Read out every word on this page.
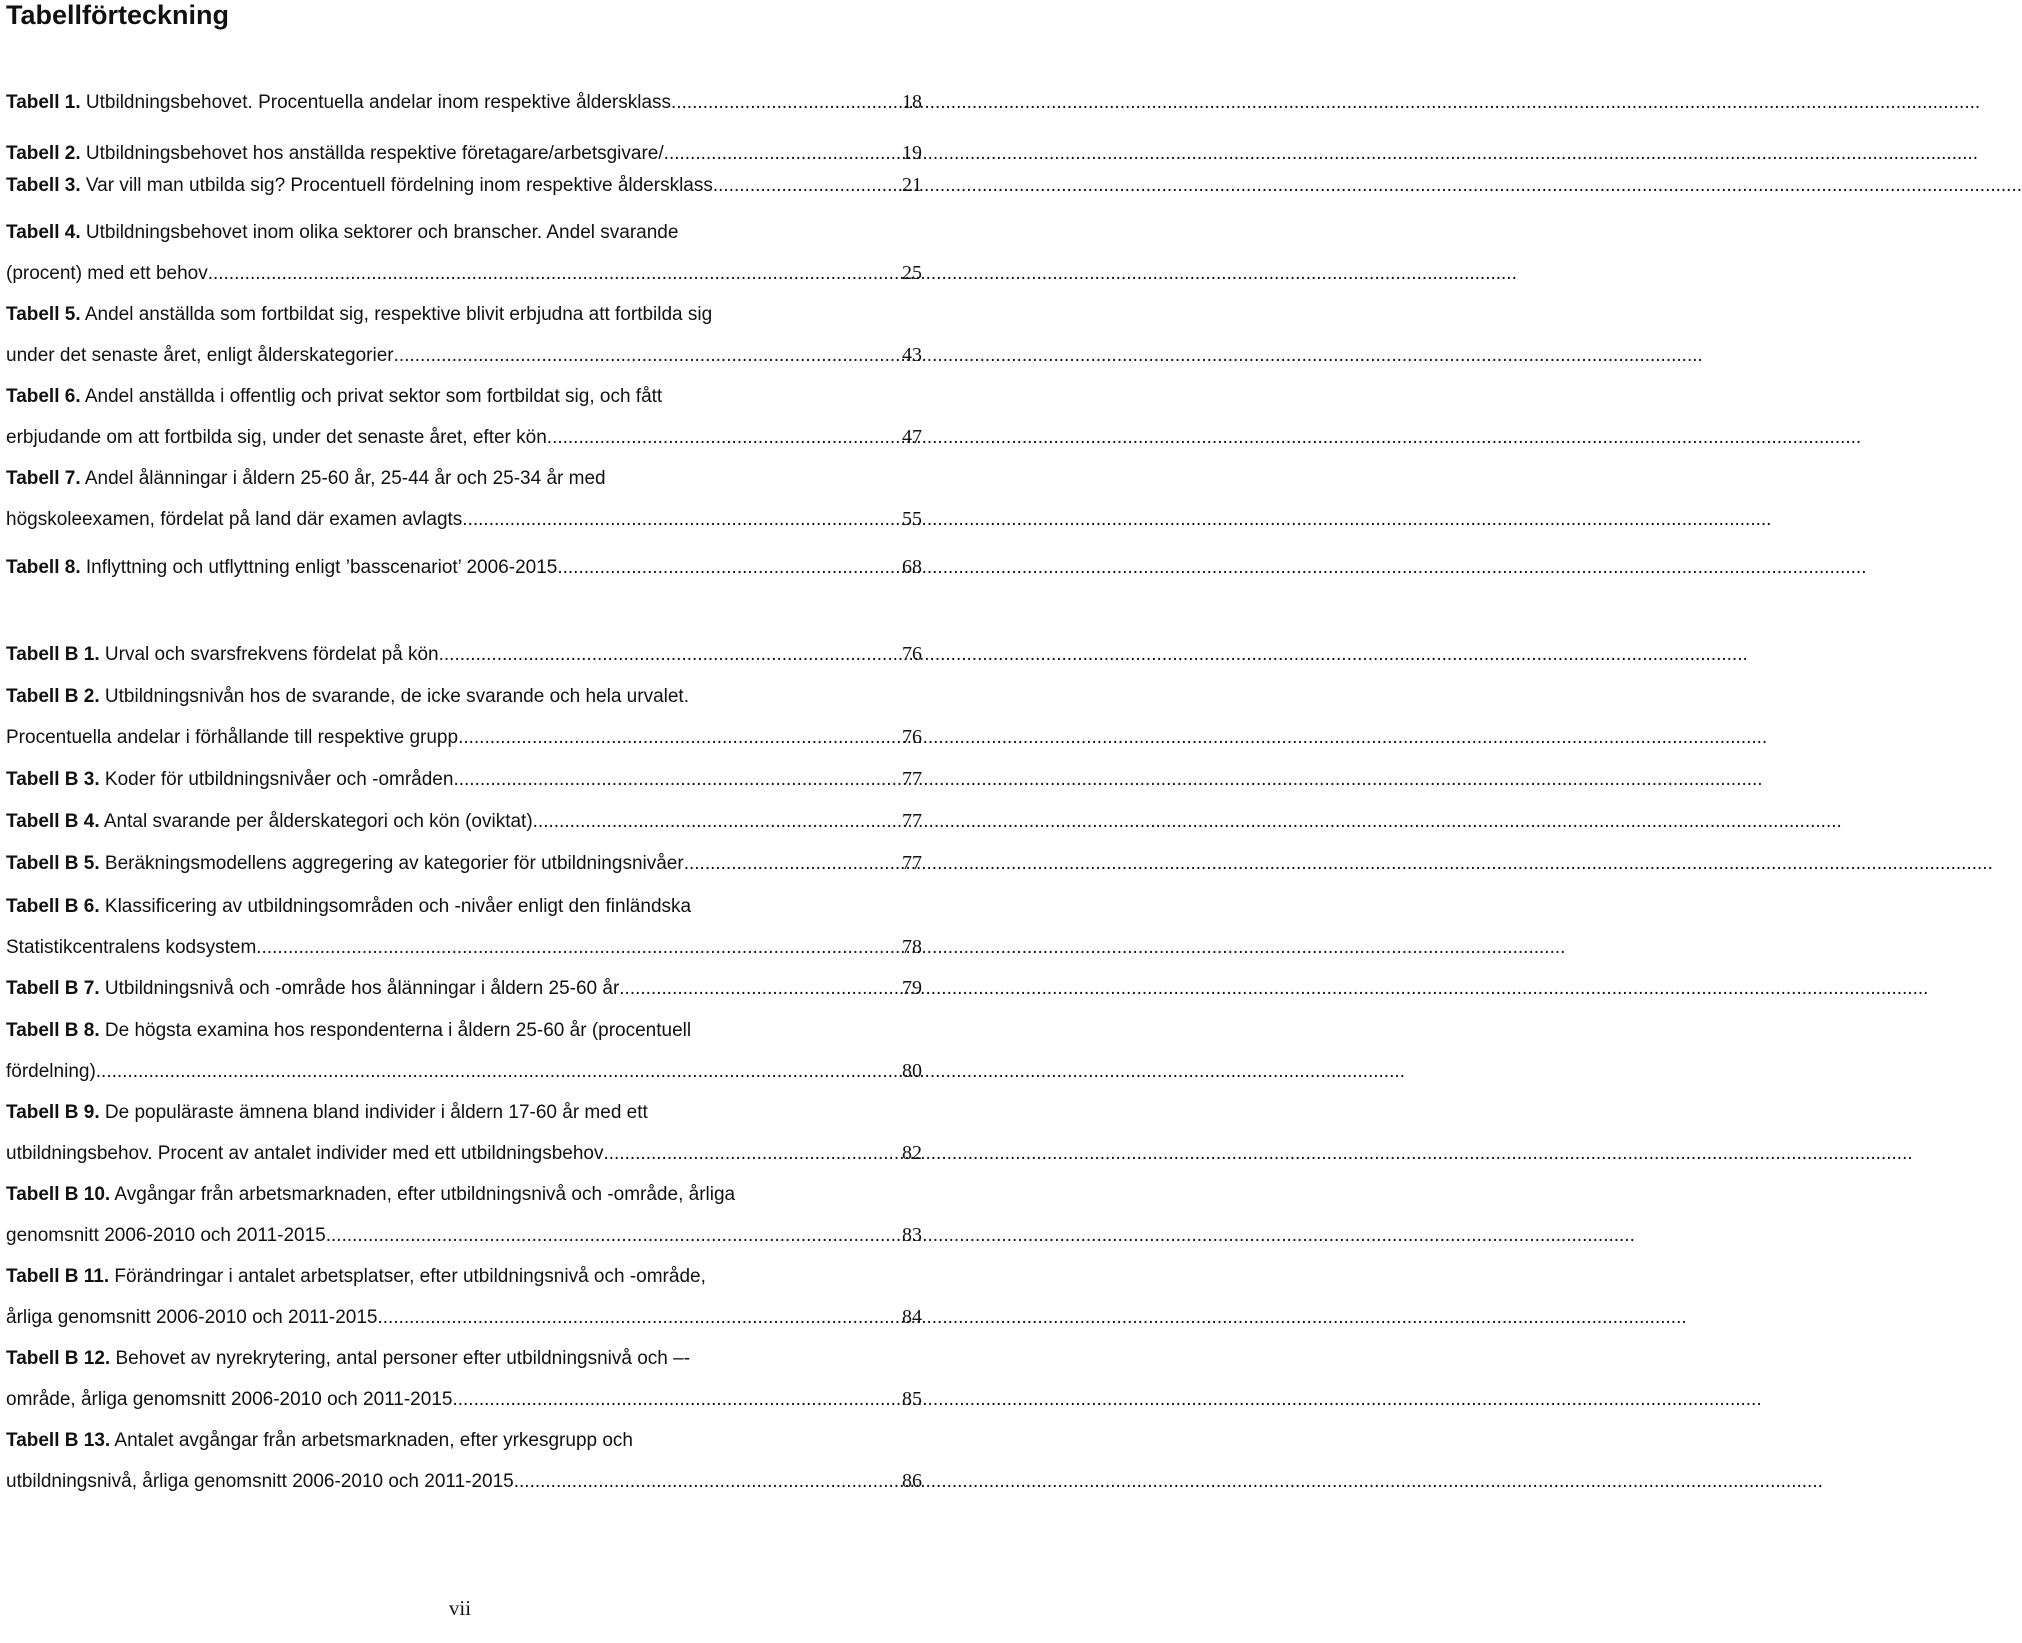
Tabellförteckning
Tabell 1. Utbildningsbehovet. Procentuella andelar inom respektive åldersklass .....	18
Tabell 2. Utbildningsbehovet hos anställda respektive företagare/arbetsgivare/. .....	19
Tabell 3. Var vill man utbilda sig? Procentuell fördelning inom respektive åldersklass .....	21
Tabell 4. Utbildningsbehovet inom olika sektorer och branscher. Andel svarande
(procent) med ett behov .....	25
Tabell 5. Andel anställda som fortbildat sig, respektive blivit erbjudna att fortbilda sig
under det senaste året, enligt ålderskategorier .....	43
Tabell 6. Andel anställda i offentlig och privat sektor som fortbildat sig, och fått
erbjudande om att fortbilda sig, under det senaste året, efter kön. .....	47
Tabell 7. Andel ålänningar i åldern 25-60 år, 25-44 år och 25-34 år med
högskoleexamen, fördelat på land där examen avlagts .....	55
Tabell 8. Inflyttning och utflyttning enligt ’basscenariot’ 2006-2015 .....	68
Tabell B 1. Urval och svarsfrekvens fördelat på kön .....	76
Tabell B 2. Utbildningsnivån hos de svarande, de icke svarande och hela urvalet.
Procentuella andelar i förhållande till respektive grupp .....	76
Tabell B 3. Koder för utbildningsnivåer och -områden .....	77
Tabell B 4. Antal svarande per ålderskategori och kön (oviktat) .....	77
Tabell B 5. Beräkningsmodellens aggregering av kategorier för utbildningsnivåer .....	77
Tabell B 6. Klassificering av utbildningsområden och -nivåer enligt den finländska
Statistikcentralens kodsystem .....	78
Tabell B 7. Utbildningsnivå och -område hos ålänningar i åldern 25-60 år .....	79
Tabell B 8. De högsta examina hos respondenterna i åldern 25-60 år (procentuell
fördelning) .....	80
Tabell B 9. De populäraste ämnena bland individer i åldern 17-60 år med ett
utbildningsbehov. Procent av antalet individer med ett utbildningsbehov .....	82
Tabell B 10. Avgångar från arbetsmarknaden, efter utbildningsnivå och -område, årliga
genomsnitt 2006-2010 och 2011-2015 .....	83
Tabell B 11. Förändringar i antalet arbetsplatser, efter utbildningsnivå och -område,
årliga genomsnitt 2006-2010 och 2011-2015 .....	84
Tabell B 12. Behovet av nyrekrytering, antal personer efter utbildningsnivå och –-
område, årliga genomsnitt 2006-2010 och 2011-2015 .....	85
Tabell B 13. Antalet avgångar från arbetsmarknaden, efter yrkesgrupp och
utbildningsnivå, årliga genomsnitt 2006-2010 och 2011-2015 .....	86
vii
